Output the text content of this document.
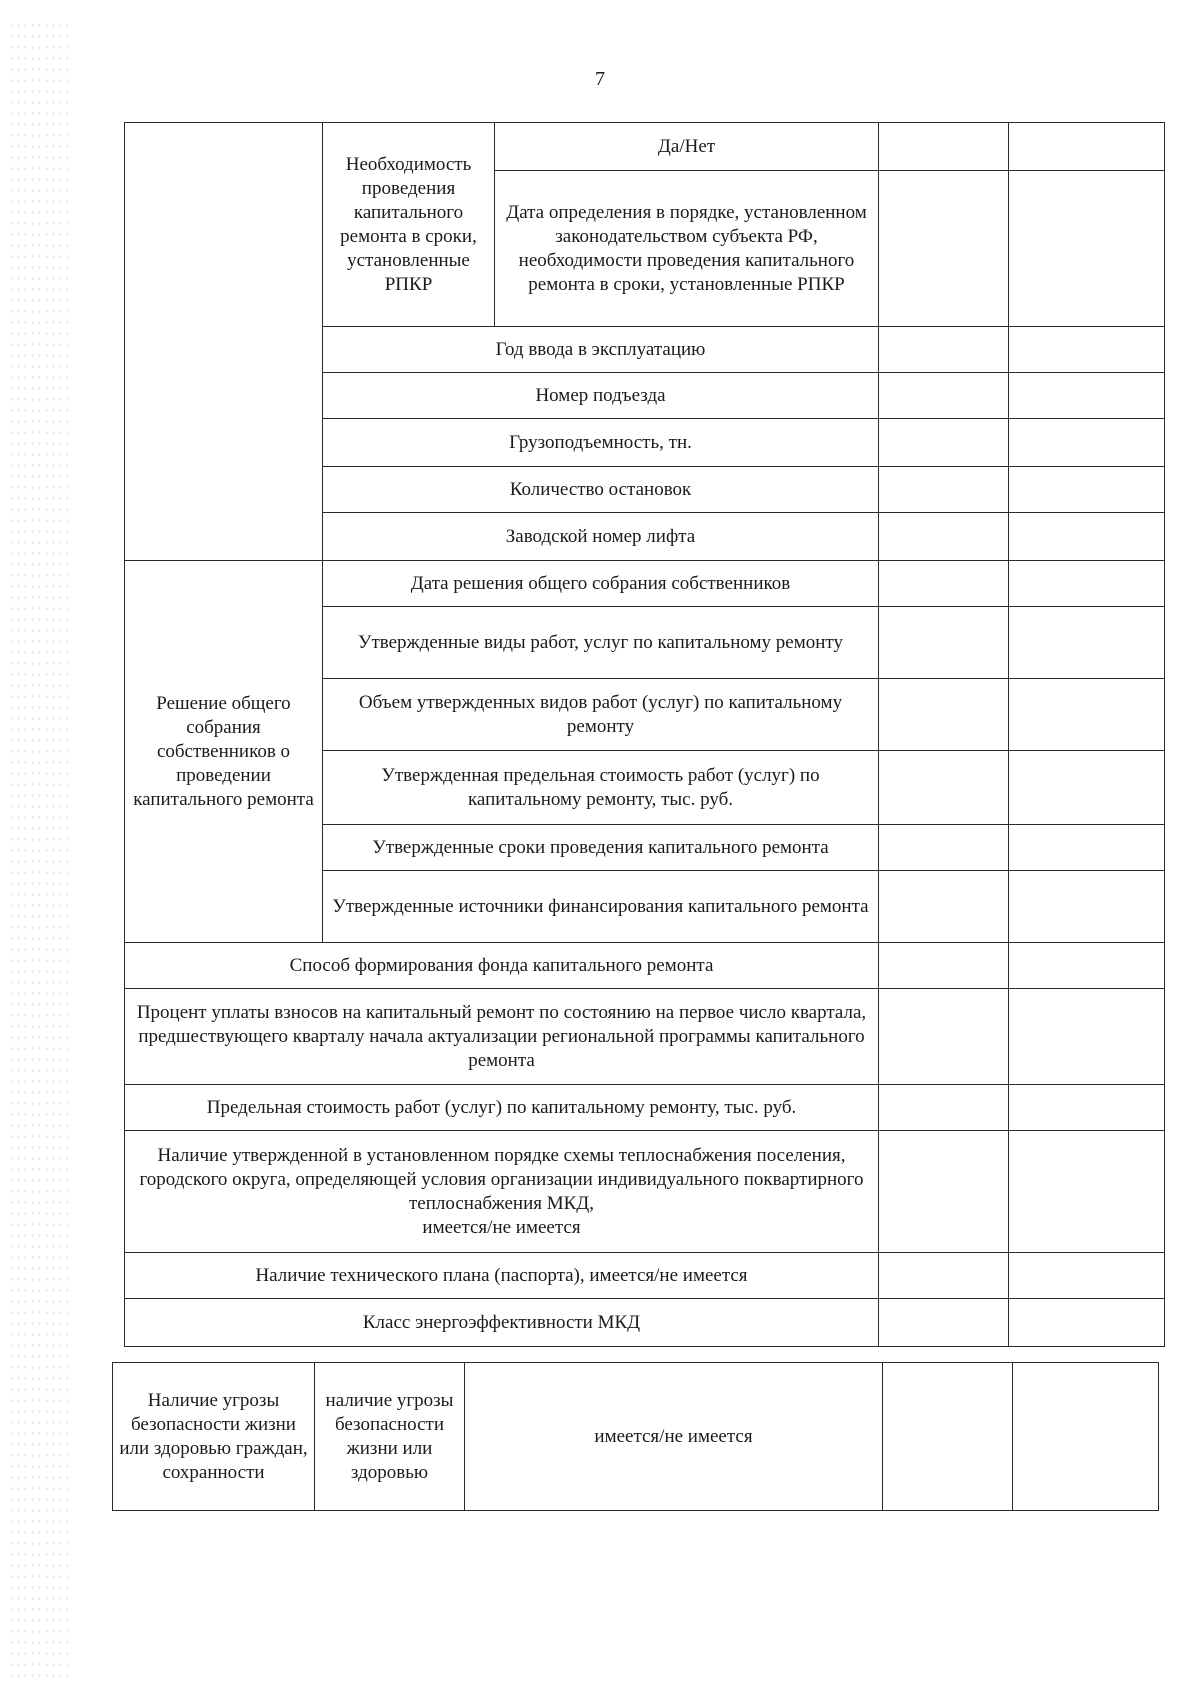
7
	Необходимость проведения капитального ремонта в сроки, установленные РПКР	Да/Нет		
		Дата определения в порядке, установленном законодательством субъекта РФ, необходимости проведения капитального ремонта в сроки, установленные РПКР		
	Год ввода в эксплуатацию			
	Номер подъезда			
	Грузоподъемность, тн.			
	Количество остановок			
	Заводской номер лифта			

Решение общего собрания собственников о проведении капитального ремонта	Дата решения общего собрания собственников			
	Утвержденные виды работ, услуг по капитальному ремонту			
	Объем утвержденных видов работ (услуг) по капитальному ремонту			
	Утвержденная предельная стоимость работ (услуг) по капитальному ремонту, тыс. руб.			
	Утвержденные сроки проведения капитального ремонта			
	Утвержденные источники финансирования капитального ремонта			
Способ формирования фонда капитального ремонта				
Процент уплаты взносов на капитальный ремонт по состоянию на первое число квартала, предшествующего кварталу начала актуализации региональной программы капитального ремонта				
Предельная стоимость работ (услуг) по капитальному ремонту, тыс. руб.				
Наличие утвержденной в установленном порядке схемы теплоснабжения поселения, городского округа, определяющей условия организации индивидуального поквартирного теплоснабжения МКД,
имеется/не имеется				
Наличие технического плана (паспорта), имеется/не имеется				
Класс энергоэффективности МКД				
Наличие угрозы безопасности жизни или здоровью граждан, сохранности	наличие угрозы безопасности жизни или здоровью	имеется/не имеется		
